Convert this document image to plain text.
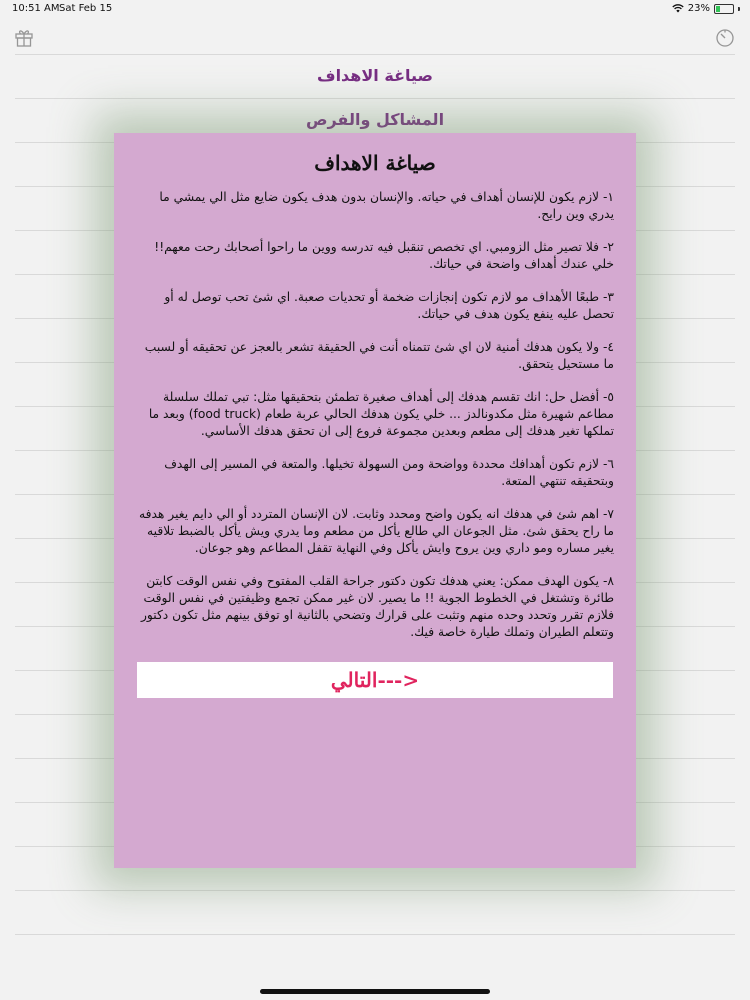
10:51 AM Sat Feb 15	23%
صياغة الاهداف
المشاكل والفرص
صياغة الاهداف

١- لازم يكون للإنسان أهداف في حياته. والإنسان بدون هدف يكون ضايع مثل الي يمشي ما يدري وين رايح.

٢- فلا تصير مثل الزومبي. اي تخصص تنقبل فيه تدرسه ووين ما راحوا أصحابك رحت معهم!! خلي عندك أهداف واضحة في حياتك.

٣- طبعًا الأهداف مو لازم تكون إنجازات ضخمة أو تحديات صعبة. اي شئ تحب توصل له أو تحصل عليه ينفع يكون هدف في حياتك.

٤- ولا يكون هدفك أمنية لان اي شئ تتمناه أنت في الحقيقة تشعر بالعجز عن تحقيقه أو لسبب ما مستحيل يتحقق.

٥- أفضل حل: انك تقسم هدفك إلى أهداف صغيرة تطمئن بتحقيقها مثل: تبي تملك سلسلة مطاعم شهيرة مثل مكدونالدز ... خلي يكون هدفك الحالي عربة طعام (food truck) وبعد ما تملكها تغير هدفك إلى مطعم وبعدين مجموعة فروع إلى ان تحقق هدفك الأساسي.

٦- لازم تكون أهدافك محددة وواضحة ومن السهولة تخيلها. والمتعة في المسير إلى الهدف وبتحقيقه تنتهي المتعة.

٧- اهم شئ في هدفك انه يكون واضح ومحدد وثابت. لان الإنسان المتردد أو الي دايم يغير هدفه ما راح يحقق شئ. مثل الجوعان الي طالع يأكل من مطعم وما يدري ويش يأكل بالضبط تلاقيه يغير مساره ومو داري وين يروح وايش يأكل وفي النهاية تقفل المطاعم وهو جوعان.

٨- يكون الهدف ممكن: يعني هدفك تكون دكتور جراحة القلب المفتوح وفي نفس الوقت كابتن طائرة وتشتغل في الخطوط الجوية !! ما يصير. لان غير ممكن تجمع وظيفتين في نفس الوقت فلازم تقرر وتحدد وحده منهم وتثبت على قرارك وتضحي بالثانية او توفق بينهم مثل تكون دكتور وتتعلم الطيران وتملك طيارة خاصة فيك.

التالي--->
